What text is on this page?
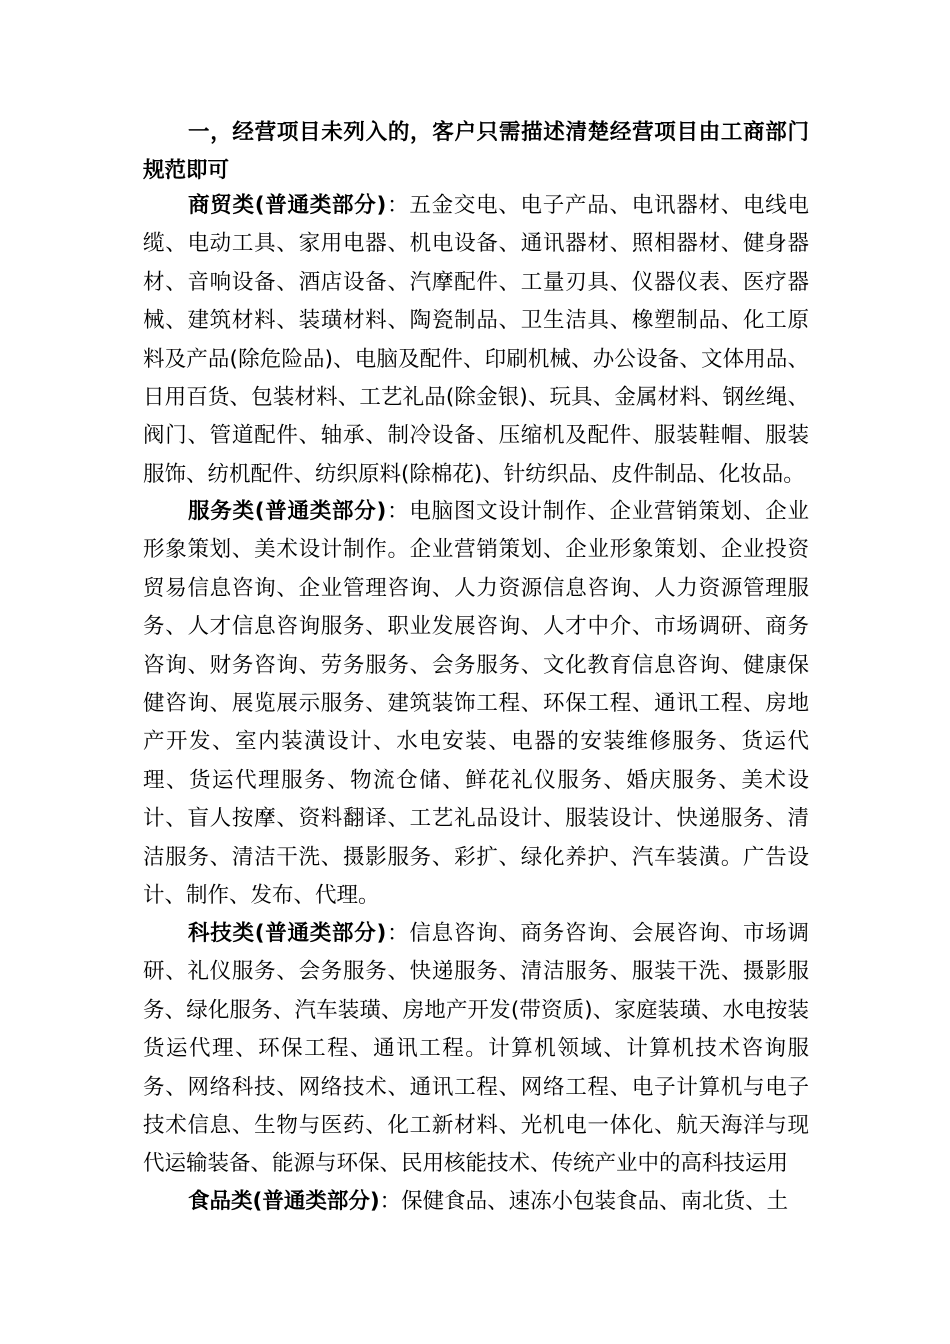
一，经营项目未列入的，客户只需描述清楚经营项目由工商部门规范即可
商贸类(普通类部分)：五金交电、电子产品、电讯器材、电线电缆、电动工具、家用电器、机电设备、通讯器材、照相器材、健身器材、音响设备、酒店设备、汽摩配件、工量刃具、仪器仪表、医疗器械、建筑材料、装璜材料、陶瓷制品、卫生洁具、橡塑制品、化工原料及产品(除危险品)、电脑及配件、印刷机械、办公设备、文体用品、日用百货、包装材料、工艺礼品(除金银)、玩具、金属材料、钢丝绳、阀门、管道配件、轴承、制冷设备、压缩机及配件、服装鞋帽、服装服饰、纺机配件、纺织原料(除棉花)、针纺织品、皮件制品、化妆品。
服务类(普通类部分)：电脑图文设计制作、企业营销策划、企业形象策划、美术设计制作。企业营销策划、企业形象策划、企业投资贸易信息咨询、企业管理咨询、人力资源信息咨询、人力资源管理服务、人才信息咨询服务、职业发展咨询、人才中介、市场调研、商务咨询、财务咨询、劳务服务、会务服务、文化教育信息咨询、健康保健咨询、展览展示服务、建筑装饰工程、环保工程、通讯工程、房地产开发、室内装潢设计、水电安装、电器的安装维修服务、货运代理、货运代理服务、物流仓储、鲜花礼仪服务、婚庆服务、美术设计、盲人按摩、资料翻译、工艺礼品设计、服装设计、快递服务、清洁服务、清洁干洗、摄影服务、彩扩、绿化养护、汽车装潢。广告设计、制作、发布、代理。
科技类(普通类部分)：信息咨询、商务咨询、会展咨询、市场调研、礼仪服务、会务服务、快递服务、清洁服务、服装干洗、摄影服务、绿化服务、汽车装璜、房地产开发(带资质)、家庭装璜、水电按装货运代理、环保工程、通讯工程。计算机领域、计算机技术咨询服务、网络科技、网络技术、通讯工程、网络工程、电子计算机与电子技术信息、生物与医药、化工新材料、光机电一体化、航天海洋与现代运输装备、能源与环保、民用核能技术、传统产业中的高科技运用
食品类(普通类部分)：保健食品、速冻小包装食品、南北货、土
